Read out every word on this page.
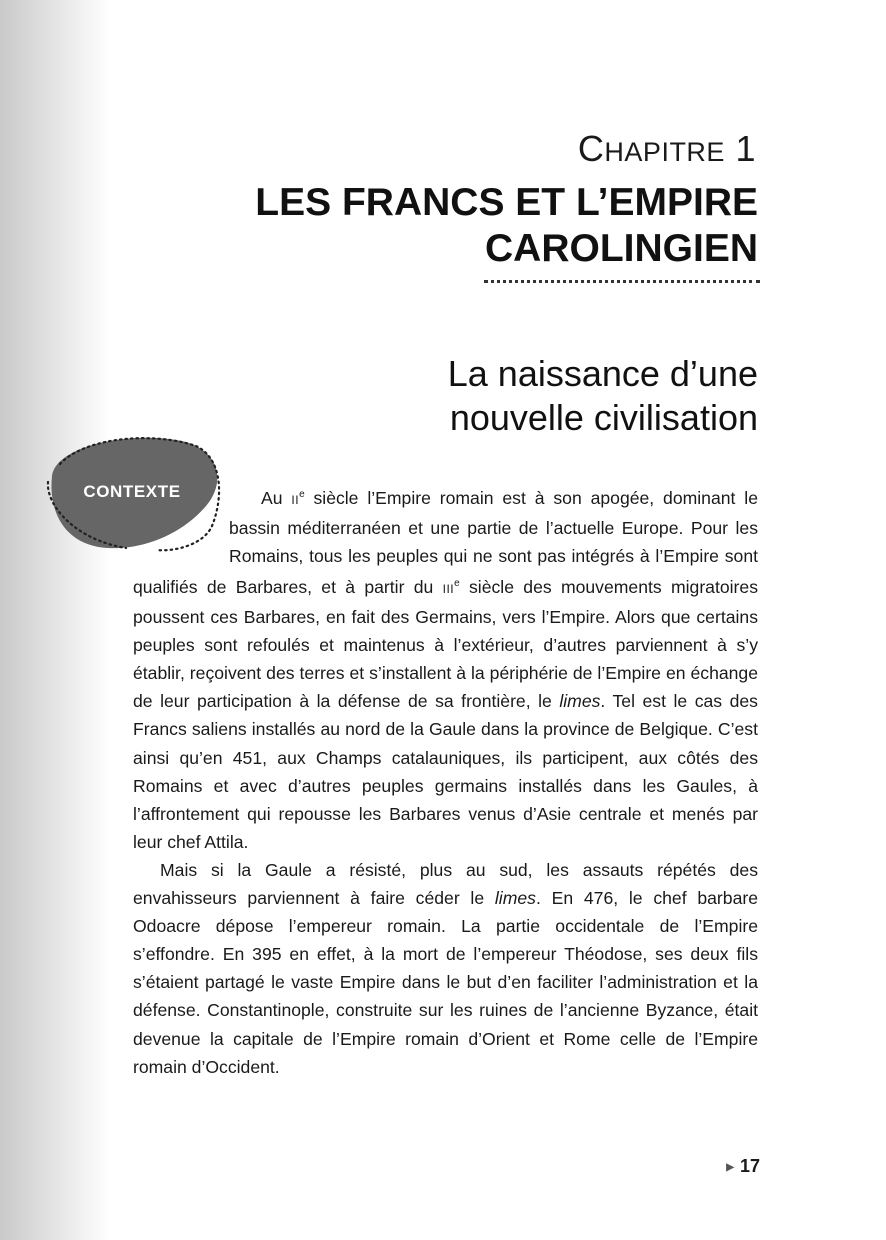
CHAPITRE 1
LES FRANCS ET L’EMPIRE
CAROLINGIEN
La naissance d’une
nouvelle civilisation
CONTEXTE	Au IIe siècle l’Empire romain est à son apogée, dominant le bassin méditerranéen et une partie de l’actuelle Europe. Pour les Romains, tous les peuples qui ne sont pas intégrés à l’Empire sont qualifiés de Barbares, et à partir du IIIe siècle des mouvements migratoires poussent ces Barbares, en fait des Germains, vers l’Empire. Alors que certains peuples sont refoulés et maintenus à l’extérieur, d’autres parviennent à s’y établir, reçoivent des terres et s’installent à la périphérie de l’Empire en échange de leur participation à la défense de sa frontière, le limes. Tel est le cas des Francs saliens installés au nord de la Gaule dans la province de Belgique. C’est ainsi qu’en 451, aux Champs catalauniques, ils participent, aux côtés des Romains et avec d’autres peuples germains installés dans les Gaules, à l’affrontement qui repousse les Barbares venus d’Asie centrale et menés par leur chef Attila.

Mais si la Gaule a résisté, plus au sud, les assauts répétés des envahisseurs parviennent à faire céder le limes. En 476, le chef barbare Odoacre dépose l’empereur romain. La partie occidentale de l’Empire s’effondre. En 395 en effet, à la mort de l’empereur Théodose, ses deux fils s’étaient partagé le vaste Empire dans le but d’en faciliter l’administration et la défense. Constantinople, construite sur les ruines de l’ancienne Byzance, était devenue la capitale de l’Empire romain d’Orient et Rome celle de l’Empire romain d’Occident.

▶ 17
